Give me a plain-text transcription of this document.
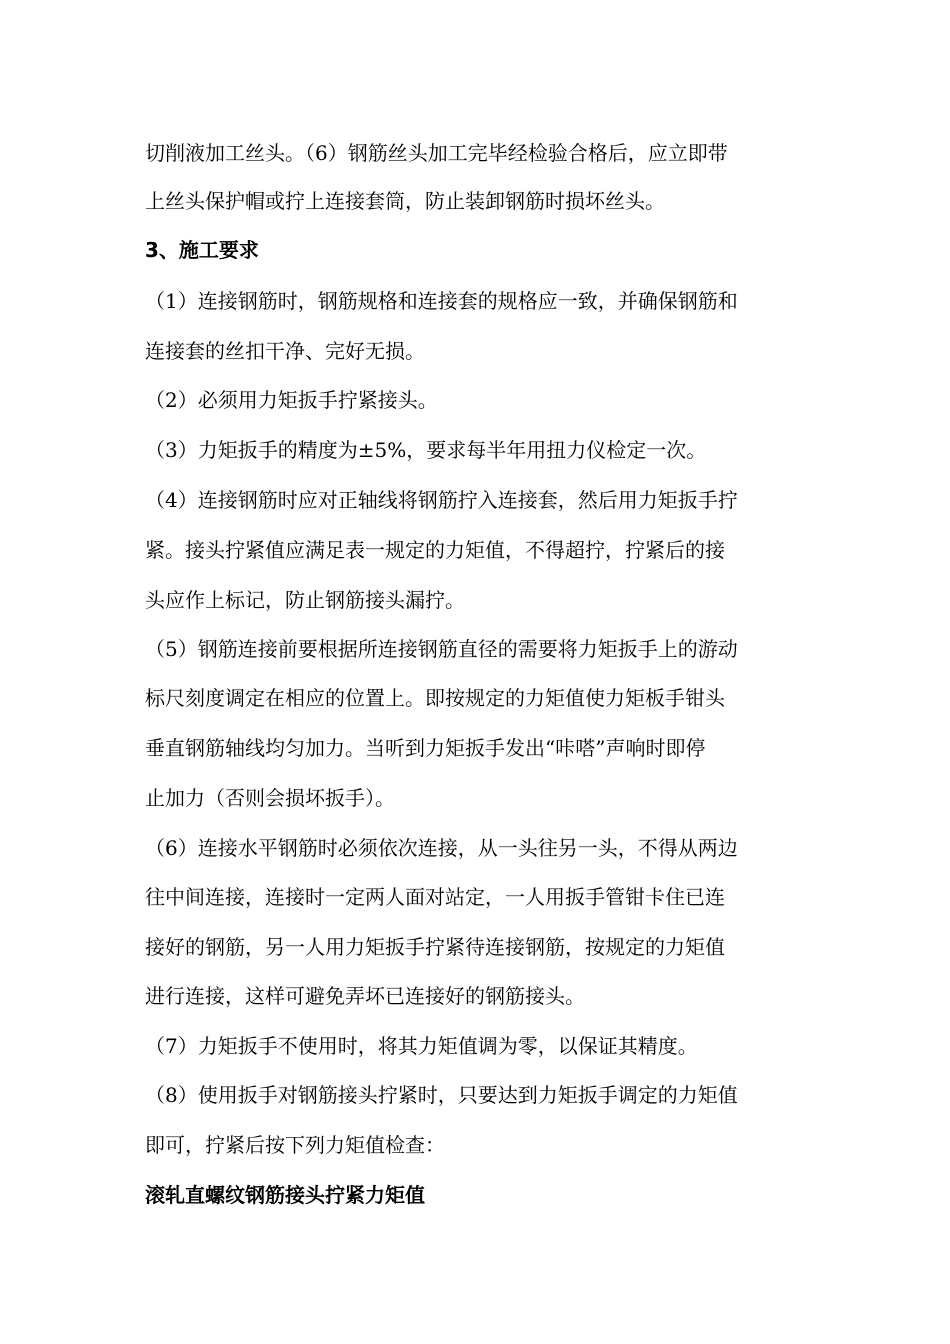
切削液加工丝头。（6）钢筋丝头加工完毕经检验合格后，应立即带
上丝头保护帽或拧上连接套筒，防止装卸钢筋时损坏丝头。
3、施工要求
（1）连接钢筋时，钢筋规格和连接套的规格应一致，并确保钢筋和
连接套的丝扣干净、完好无损。
（2）必须用力矩扳手拧紧接头。
（3）力矩扳手的精度为±5%，要求每半年用扭力仪检定一次。
（4）连接钢筋时应对正轴线将钢筋拧入连接套，然后用力矩扳手拧
紧。接头拧紧值应满足表一规定的力矩值，不得超拧，拧紧后的接
头应作上标记，防止钢筋接头漏拧。
（5）钢筋连接前要根据所连接钢筋直径的需要将力矩扳手上的游动
标尺刻度调定在相应的位置上。即按规定的力矩值使力矩板手钳头
垂直钢筋轴线均匀加力。当听到力矩扳手发出“咔嗒”声响时即停
止加力（否则会损坏扳手）。
（6）连接水平钢筋时必须依次连接，从一头往另一头，不得从两边
往中间连接，连接时一定两人面对站定，一人用扳手管钳卡住已连
接好的钢筋，另一人用力矩扳手拧紧待连接钢筋，按规定的力矩值
进行连接，这样可避免弄坏已连接好的钢筋接头。
（7）力矩扳手不使用时，将其力矩值调为零，以保证其精度。
（8）使用扳手对钢筋接头拧紧时，只要达到力矩扳手调定的力矩值
即可，拧紧后按下列力矩值检查：
滚轧直螺纹钢筋接头拧紧力矩值
